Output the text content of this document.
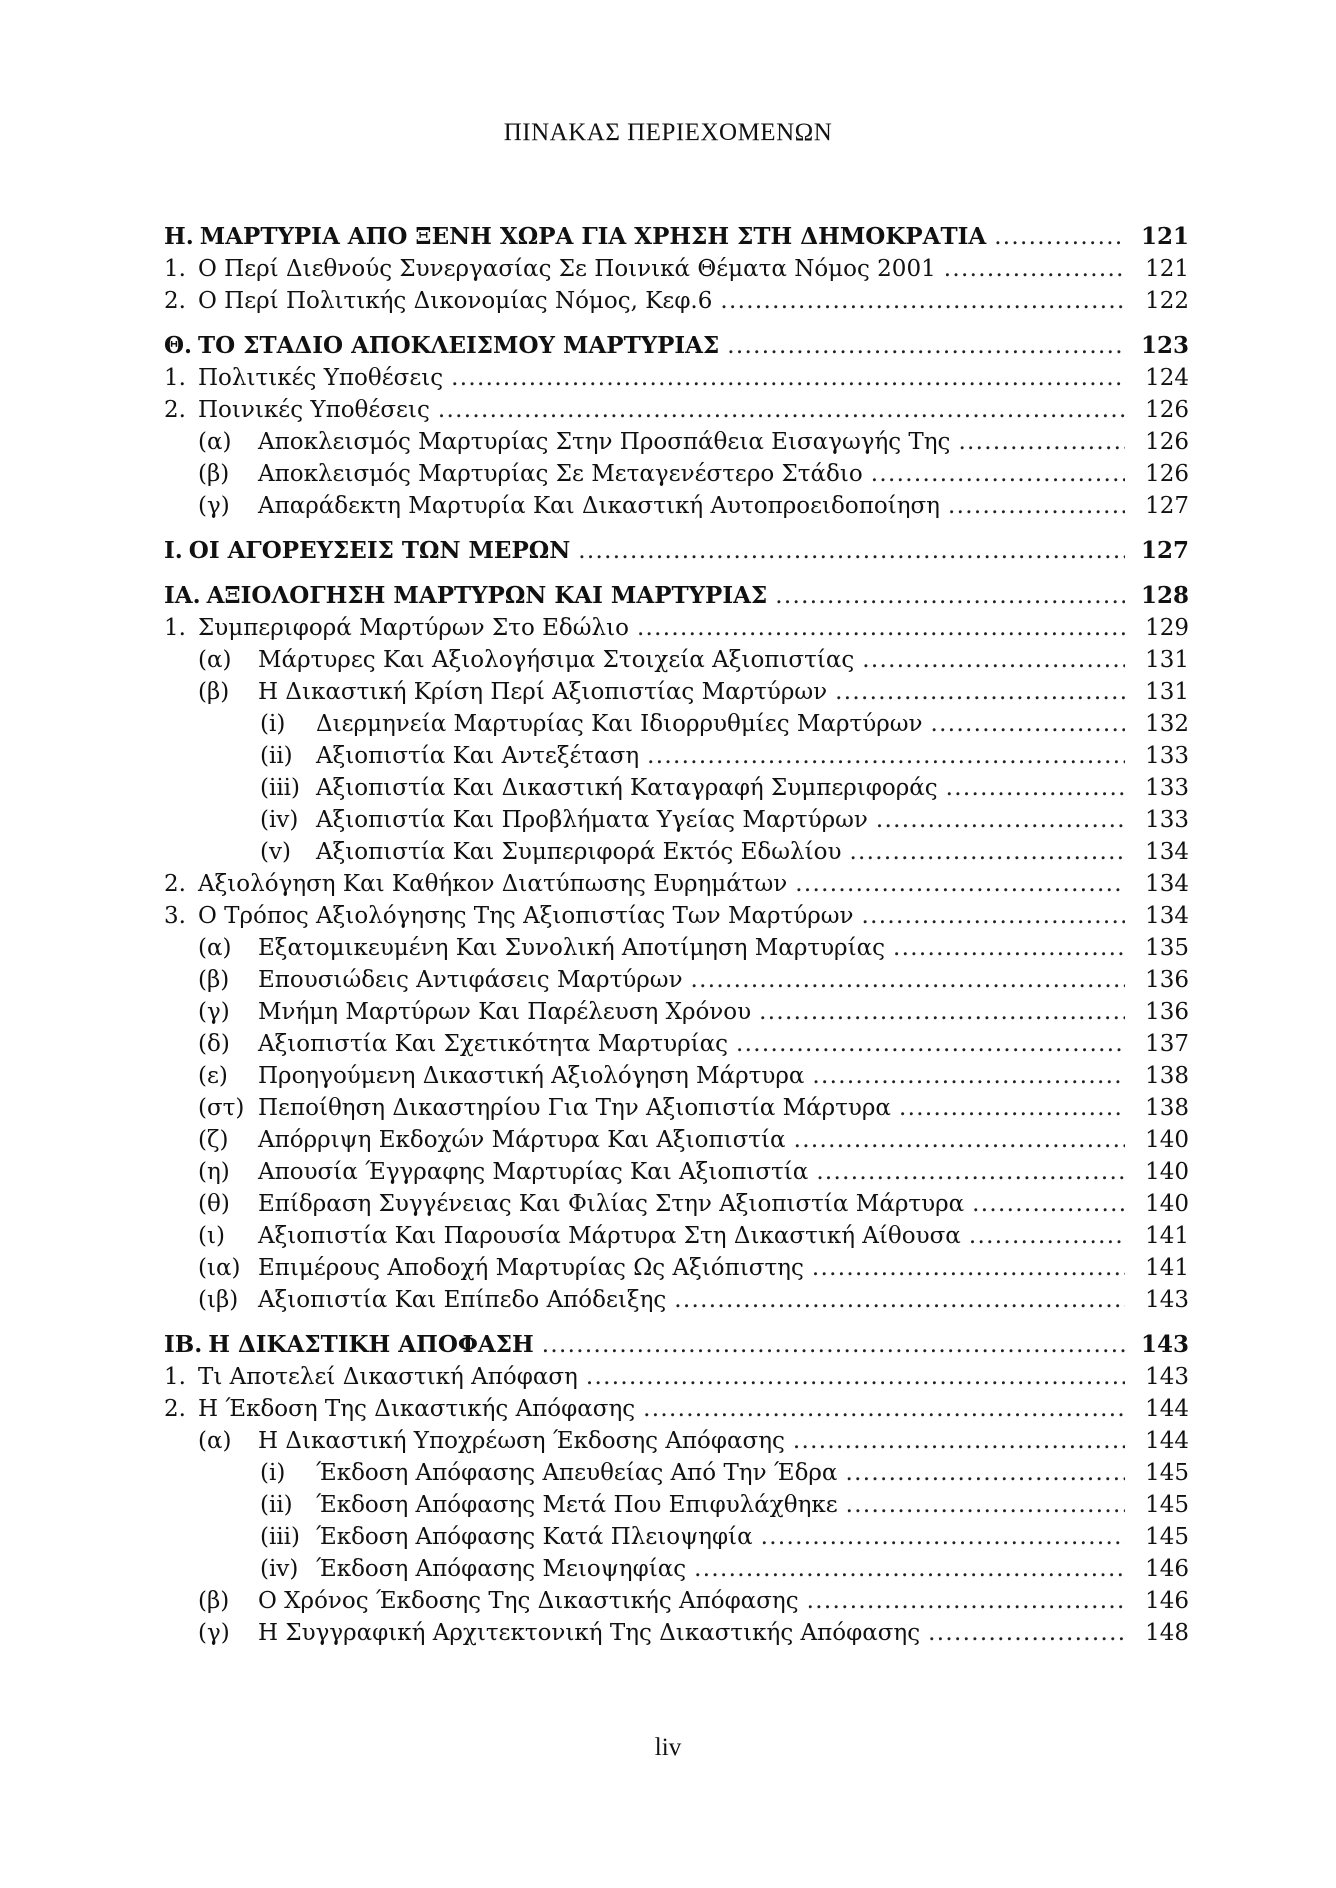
ΠΙΝΑΚΑΣ ΠΕΡΙΕΧΟΜΕΝΩΝ
Η. ΜΑΡΤΥΡΙΑ ΑΠΟ ΞΕΝΗ ΧΩΡΑ ΓΙΑ ΧΡΗΣΗ ΣΤΗ ΔΗΜΟΚΡΑΤΙΑ . . .	121
1. Ο Περί Διεθνούς Συνεργασίας Σε Ποινικά Θέματα Νόμος 2001 . . .	121
2. Ο Περί Πολιτικής Δικονομίας Νόμος, Κεφ.6 . . .	122
Θ. ΤΟ ΣΤΑΔΙΟ ΑΠΟΚΛΕΙΣΜΟΥ ΜΑΡΤΥΡΙΑΣ . . .	123
1. Πολιτικές Υποθέσεις . . .	124
2. Ποινικές Υποθέσεις . . .	126
(α)	Αποκλεισμός Μαρτυρίας Στην Προσπάθεια Εισαγωγής Της . . .	126
(β)	Αποκλεισμός Μαρτυρίας Σε Μεταγενέστερο Στάδιο . . .	126
(γ)	Απαράδεκτη Μαρτυρία Και Δικαστική Αυτοπροειδοποίηση . . .	127
Ι. ΟΙ ΑΓΟΡΕΥΣΕΙΣ ΤΩΝ ΜΕΡΩΝ . . .	127
ΙΑ. ΑΞΙΟΛΟΓΗΣΗ ΜΑΡΤΥΡΩΝ ΚΑΙ ΜΑΡΤΥΡΙΑΣ . . .	128
1. Συμπεριφορά Μαρτύρων Στο Εδώλιο . . .	129
(α)	Μάρτυρες Και Αξιολογήσιμα Στοιχεία Αξιοπιστίας . . .	131
(β)	Η Δικαστική Κρίση Περί Αξιοπιστίας Μαρτύρων . . .	131
(i)	Διερμηνεία Μαρτυρίας Και Ιδιορρυθμίες Μαρτύρων . . .	132
(ii)	Αξιοπιστία Και Αντεξέταση . . .	133
(iii) Αξιοπιστία Και Δικαστική Καταγραφή Συμπεριφοράς . . .	133
(iv) Αξιοπιστία Και Προβλήματα Υγείας Μαρτύρων . . .	133
(v)	Αξιοπιστία Και Συμπεριφορά Εκτός Εδωλίου . . .	134
2. Αξιολόγηση Και Καθήκον Διατύπωσης Ευρημάτων . . .	134
3. Ο Τρόπος Αξιολόγησης Της Αξιοπιστίας Των Μαρτύρων . . .	134
(α)	Εξατομικευμένη Και Συνολική Αποτίμηση Μαρτυρίας . . .	135
(β)	Επουσιώδεις Αντιφάσεις Μαρτύρων . . .	136
(γ)	Μνήμη Μαρτύρων Και Παρέλευση Χρόνου . . .	136
(δ)	Αξιοπιστία Και Σχετικότητα Μαρτυρίας . . .	137
(ε)	Προηγούμενη Δικαστική Αξιολόγηση Μάρτυρα . . .	138
(στ) Πεποίθηση Δικαστηρίου Για Την Αξιοπιστία Μάρτυρα . . .	138
(ζ)	Απόρριψη Εκδοχών Μάρτυρα Και Αξιοπιστία . . .	140
(η)	Απουσία Έγγραφης Μαρτυρίας Και Αξιοπιστία . . .	140
(θ)	Επίδραση Συγγένειας Και Φιλίας Στην Αξιοπιστία Μάρτυρα . . .	140
(ι)	Αξιοπιστία Και Παρουσία Μάρτυρα Στη Δικαστική Αίθουσα . . .	141
(ια) Επιμέρους Αποδοχή Μαρτυρίας Ως Αξιόπιστης . . .	141
(ιβ) Αξιοπιστία Και Επίπεδο Απόδειξης . . .	143
ΙΒ. Η ΔΙΚΑΣΤΙΚΗ ΑΠΟΦΑΣΗ . . .	143
1. Τι Αποτελεί Δικαστική Απόφαση . . .	143
2. Η Έκδοση Της Δικαστικής Απόφασης . . .	144
(α)	Η Δικαστική Υποχρέωση Έκδοσης Απόφασης . . .	144
(i)	Έκδοση Απόφασης Απευθείας Από Την Έδρα . . .	145
(ii)	Έκδοση Απόφασης Μετά Που Επιφυλάχθηκε . . .	145
(iii) Έκδοση Απόφασης Κατά Πλειοψηφία . . .	145
(iv) Έκδοση Απόφασης Μειοψηφίας . . .	146
(β)	Ο Χρόνος Έκδοσης Της Δικαστικής Απόφασης . . .	146
(γ)	Η Συγγραφική Αρχιτεκτονική Της Δικαστικής Απόφασης . . .	148
liv
